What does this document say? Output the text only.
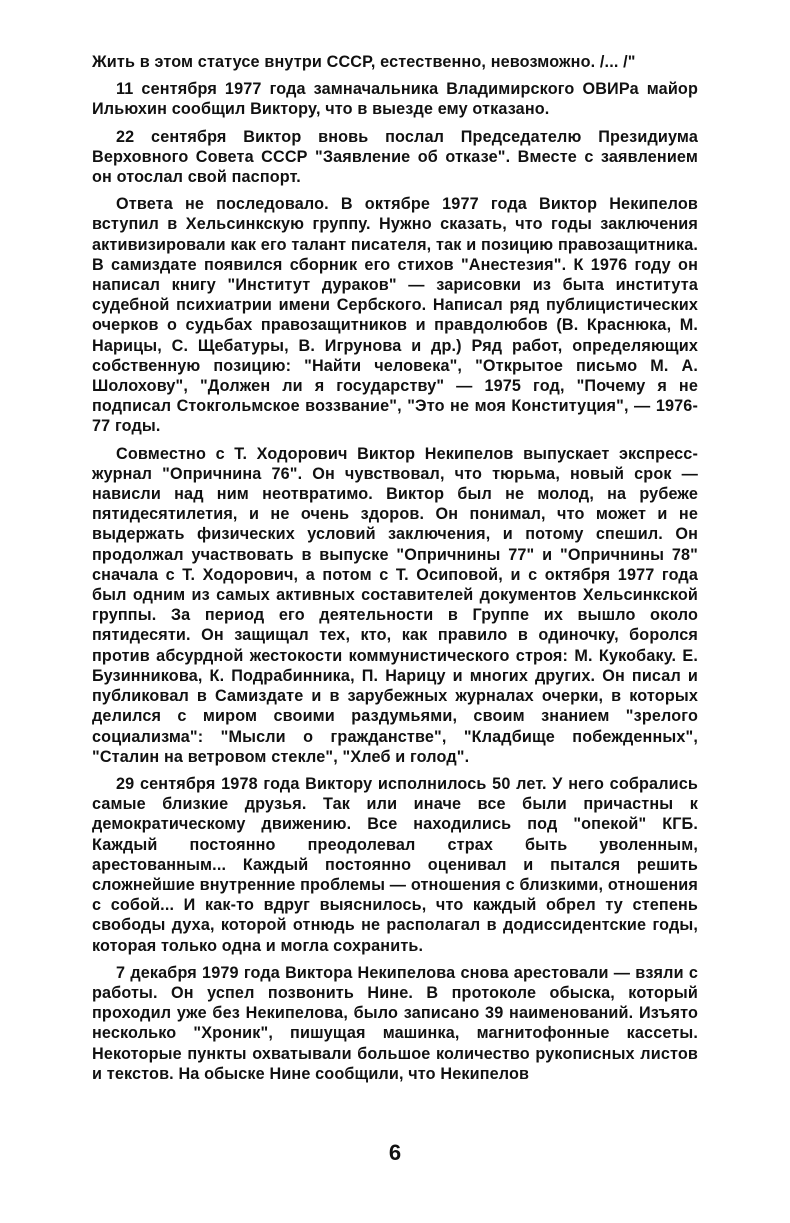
Жить в этом статусе внутри СССР, естественно, невозможно. /... /"

11 сентября 1977 года замначальника Владимирского ОВИРа майор Ильюхин сообщил Виктору, что в выезде ему отказано.

22 сентября Виктор вновь послал Председателю Президиума Верховного Совета СССР "Заявление об отказе". Вместе с заявлением он отослал свой паспорт.

Ответа не последовало. В октябре 1977 года Виктор Некипелов вступил в Хельсинкскую группу. Нужно сказать, что годы заключения активизировали как его талант писателя, так и позицию правозащитника. В самиздате появился сборник его стихов "Анестезия". К 1976 году он написал книгу "Институт дураков" — зарисовки из быта института судебной психиатрии имени Сербского. Написал ряд публицистических очерков о судьбах правозащитников и правдолюбов (В. Краснюка, М. Нарицы, С. Щебатуры, В. Игрунова и др.) Ряд работ, определяющих собственную позицию: "Найти человека", "Открытое письмо М. А. Шолохову", "Должен ли я государству" — 1975 год, "Почему я не подписал Стокгольмское воззвание", "Это не моя Конституция", — 1976-77 годы.

Совместно с Т. Ходорович Виктор Некипелов выпускает экспресс-журнал "Опричнина 76". Он чувствовал, что тюрьма, новый срок — нависли над ним неотвратимо. Виктор был не молод, на рубеже пятидесятилетия, и не очень здоров. Он понимал, что может и не выдержать физических условий заключения, и потому спешил. Он продолжал участвовать в выпуске "Опричнины 77" и "Опричнины 78" сначала с Т. Ходорович, а потом с Т. Осиповой, и с октября 1977 года был одним из самых активных составителей документов Хельсинкской группы. За период его деятельности в Группе их вышло около пятидесяти. Он защищал тех, кто, как правило в одиночку, боролся против абсурдной жестокости коммунистического строя: М. Кукобаку. Е. Бузинникова, К. Подрабинника, П. Нарицу и многих других. Он писал и публиковал в Самиздате и в зарубежных журналах очерки, в которых делился с миром своими раздумьями, своим знанием "зрелого социализма": "Мысли о гражданстве", "Кладбище побежденных", "Сталин на ветровом стекле", "Хлеб и голод".

29 сентября 1978 года Виктору исполнилось 50 лет. У него собрались самые близкие друзья. Так или иначе все были причастны к демократическому движению. Все находились под "опекой" КГБ. Каждый постоянно преодолевал страх быть уволенным, арестованным... Каждый постоянно оценивал и пытался решить сложнейшие внутренние проблемы — отношения с близкими, отношения с собой... И как-то вдруг выяснилось, что каждый обрел ту степень свободы духа, которой отнюдь не располагал в додиссидентские годы, которая только одна и могла сохранить.

7 декабря 1979 года Виктора Некипелова снова арестовали — взяли с работы. Он успел позвонить Нине. В протоколе обыска, который проходил уже без Некипелова, было записано 39 наименований. Изъято несколько "Хроник", пишущая машинка, магнитофонные кассеты. Некоторые пункты охватывали большое количество рукописных листов и текстов. На обыске Нине сообщили, что Некипелов

6
